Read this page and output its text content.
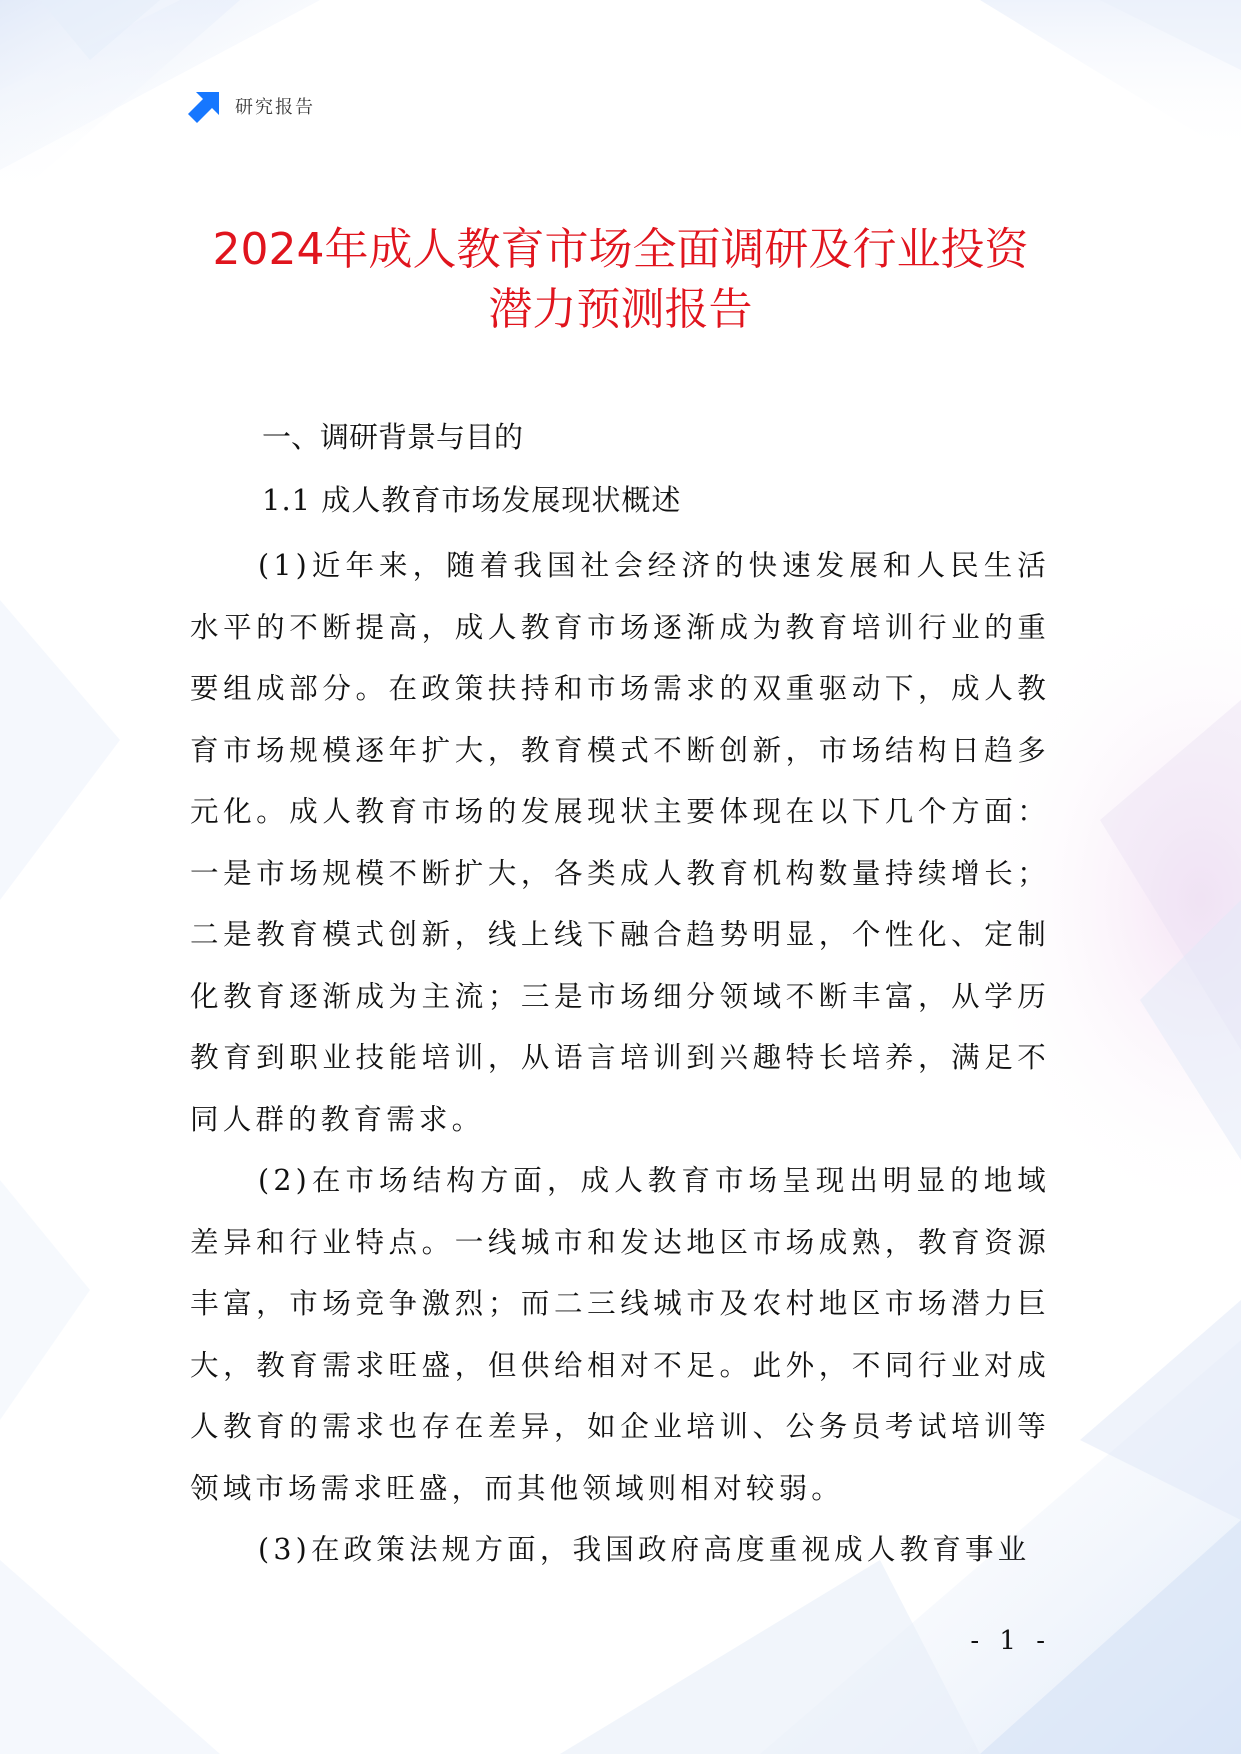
研究报告
2024年成人教育市场全面调研及行业投资
潜力预测报告
一、调研背景与目的
1.1 成人教育市场发展现状概述

(1)近年来，随着我国社会经济的快速发展和人民生活水平的不断提高，成人教育市场逐渐成为教育培训行业的重要组成部分。在政策扶持和市场需求的双重驱动下，成人教育市场规模逐年扩大，教育模式不断创新，市场结构日趋多元化。成人教育市场的发展现状主要体现在以下几个方面：一是市场规模不断扩大，各类成人教育机构数量持续增长；二是教育模式创新，线上线下融合趋势明显，个性化、定制化教育逐渐成为主流；三是市场细分领域不断丰富，从学历教育到职业技能培训，从语言培训到兴趣特长培养，满足不同人群的教育需求。

(2)在市场结构方面，成人教育市场呈现出明显的地域差异和行业特点。一线城市和发达地区市场成熟，教育资源丰富，市场竞争激烈；而二三线城市及农村地区市场潜力巨大，教育需求旺盛，但供给相对不足。此外，不同行业对成人教育的需求也存在差异，如企业培训、公务员考试培训等领域市场需求旺盛，而其他领域则相对较弱。

(3)在政策法规方面，我国政府高度重视成人教育事业

- 1 -
